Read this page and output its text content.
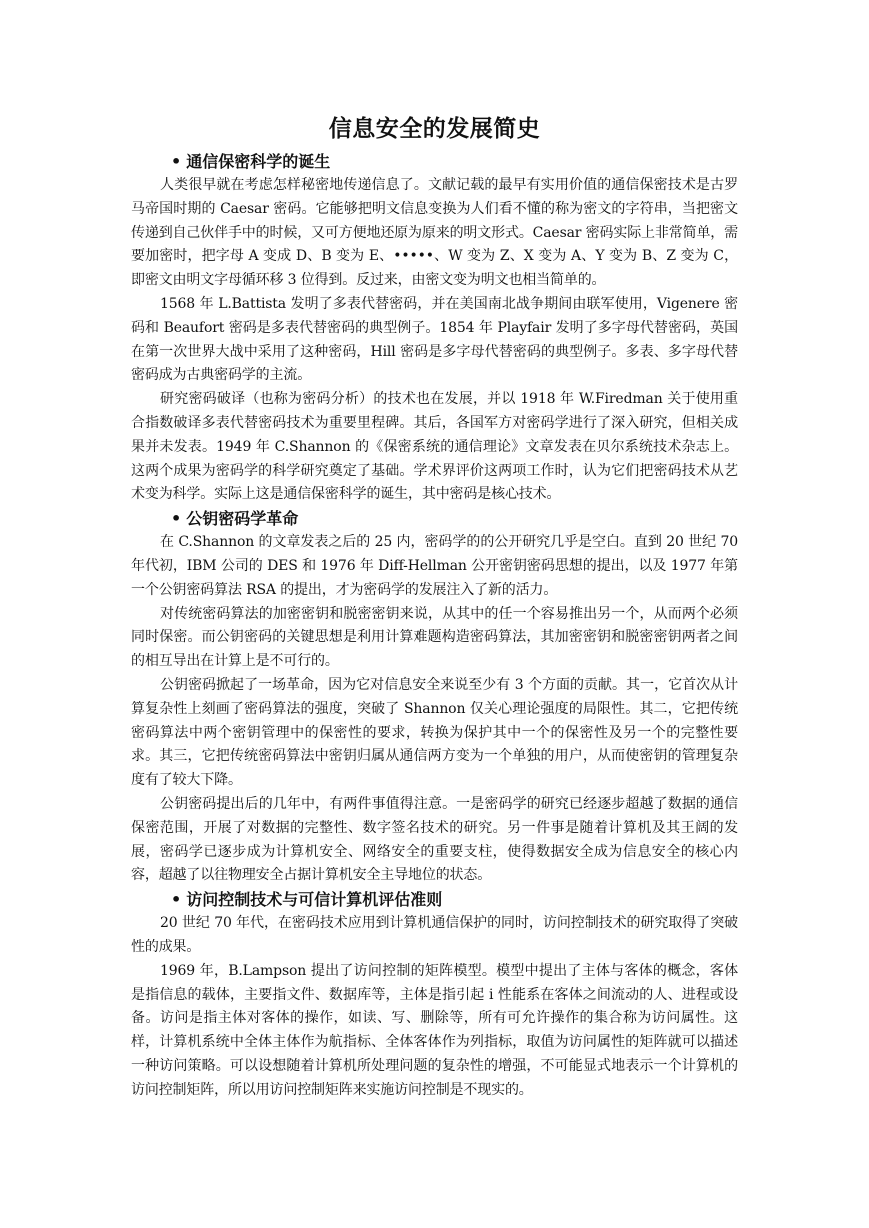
信息安全的发展简史
• 通信保密科学的诞生

人类很早就在考虑怎样秘密地传递信息了。文献记载的最早有实用价值的通信保密技术是古罗马帝国时期的 Caesar 密码。它能够把明文信息变换为人们看不懂的称为密文的字符串，当把密文传递到自己伙伴手中的时候，又可方便地还原为原来的明文形式。Caesar 密码实际上非常简单，需要加密时，把字母 A 变成 D、B 变为 E、•••••、W 变为 Z、X 变为 A、Y 变为 B、Z 变为 C，即密文由明文字母循环移 3 位得到。反过来，由密文变为明文也相当简单的。

1568 年 L.Battista 发明了多表代替密码，并在美国南北战争期间由联军使用，Vigenere 密码和 Beaufort 密码是多表代替密码的典型例子。1854 年 Playfair 发明了多字母代替密码，英国在第一次世界大战中采用了这种密码，Hill 密码是多字母代替密码的典型例子。多表、多字母代替密码成为古典密码学的主流。

研究密码破译（也称为密码分析）的技术也在发展，并以 1918 年 W.Firedman 关于使用重合指数破译多表代替密码技术为重要里程碑。其后，各国军方对密码学进行了深入研究，但相关成果并未发表。1949 年 C.Shannon 的《保密系统的通信理论》文章发表在贝尔系统技术杂志上。这两个成果为密码学的科学研究奠定了基础。学术界评价这两项工作时，认为它们把密码技术从艺术变为科学。实际上这是通信保密科学的诞生，其中密码是核心技术。

• 公钥密码学革命

在 C.Shannon 的文章发表之后的 25 内，密码学的的公开研究几乎是空白。直到 20 世纪 70 年代初，IBM 公司的 DES 和 1976 年 Diff-Hellman 公开密钥密码思想的提出，以及 1977 年第一个公钥密码算法 RSA 的提出，才为密码学的发展注入了新的活力。

对传统密码算法的加密密钥和脱密密钥来说，从其中的任一个容易推出另一个，从而两个必须同时保密。而公钥密码的关键思想是利用计算难题构造密码算法，其加密密钥和脱密密钥两者之间的相互导出在计算上是不可行的。

公钥密码掀起了一场革命，因为它对信息安全来说至少有 3 个方面的贡献。其一，它首次从计算复杂性上刻画了密码算法的强度，突破了 Shannon 仅关心理论强度的局限性。其二，它把传统密码算法中两个密钥管理中的保密性的要求，转换为保护其中一个的保密性及另一个的完整性要求。其三，它把传统密码算法中密钥归属从通信两方变为一个单独的用户，从而使密钥的管理复杂度有了较大下降。

公钥密码提出后的几年中，有两件事值得注意。一是密码学的研究已经逐步超越了数据的通信保密范围，开展了对数据的完整性、数字签名技术的研究。另一件事是随着计算机及其王阔的发展，密码学已逐步成为计算机安全、网络安全的重要支柱，使得数据安全成为信息安全的核心内容，超越了以往物理安全占据计算机安全主导地位的状态。

• 访问控制技术与可信计算机评估准则

20 世纪 70 年代，在密码技术应用到计算机通信保护的同时，访问控制技术的研究取得了突破性的成果。

1969 年，B.Lampson 提出了访问控制的矩阵模型。模型中提出了主体与客体的概念，客体是指信息的载体，主要指文件、数据库等，主体是指引起 i 性能系在客体之间流动的人、进程或设备。访问是指主体对客体的操作，如读、写、删除等，所有可允许操作的集合称为访问属性。这样，计算机系统中全体主体作为航指标、全体客体作为列指标，取值为访问属性的矩阵就可以描述一种访问策略。可以设想随着计算机所处理问题的复杂性的增强，不可能显式地表示一个计算机的访问控制矩阵，所以用访问控制矩阵来实施访问控制是不现实的。
